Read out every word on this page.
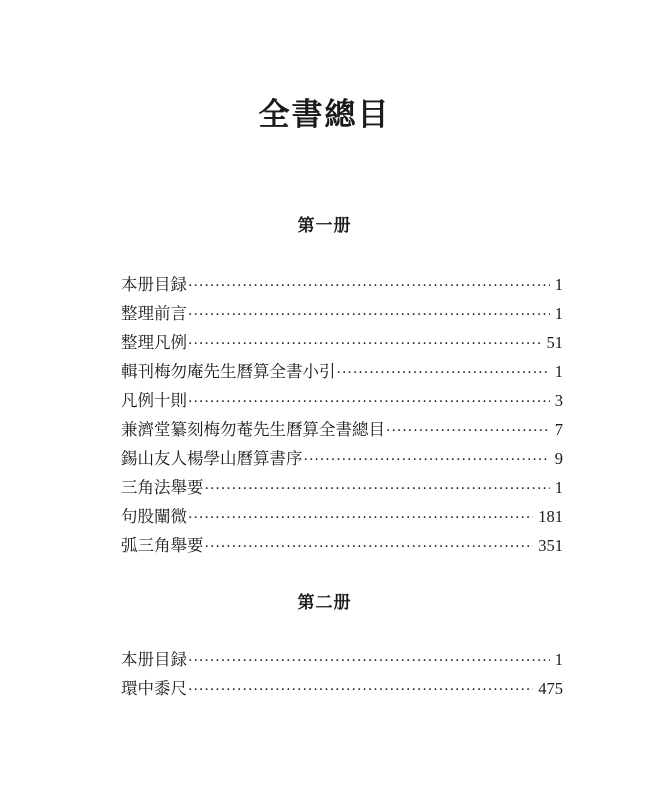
全書總目
第一册
本册目録 ·····	1
整理前言 ·····	1
整理凡例 ·····	51
輯刊梅勿庵先生曆算全書小引 ·····	1
凡例十則 ·····	3
兼濟堂纂刻梅勿菴先生曆算全書總目 ·····	7
錫山友人楊學山曆算書序 ·····	9
三角法舉要 ·····	1
句股闡微 ·····	181
弧三角舉要 ·····	351
第二册
本册目録 ·····	1
環中黍尺 ·····	475
